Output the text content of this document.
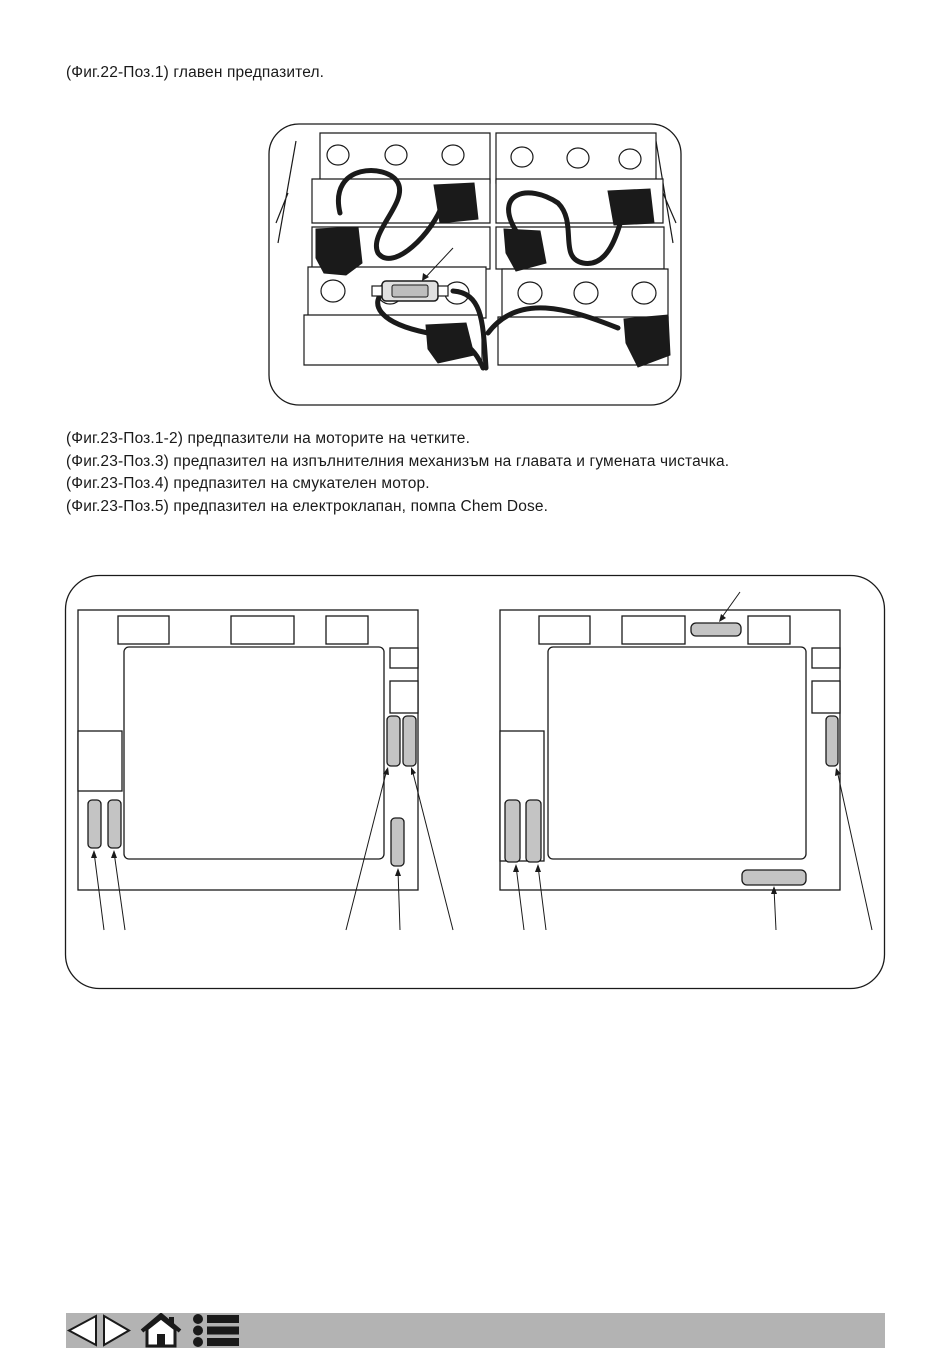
(Фиг.22-Поз.1) главен предпазител.
(Фиг.23-Поз.1-2) предпазители на моторите на четките.
(Фиг.23-Поз.3) предпазител на изпълнителния механизъм на главата и гумената чистачка.
(Фиг.23-Поз.4) предпазител на смукателен мотор.
(Фиг.23-Поз.5) предпазител на електроклапан, помпа Chem Dose.
